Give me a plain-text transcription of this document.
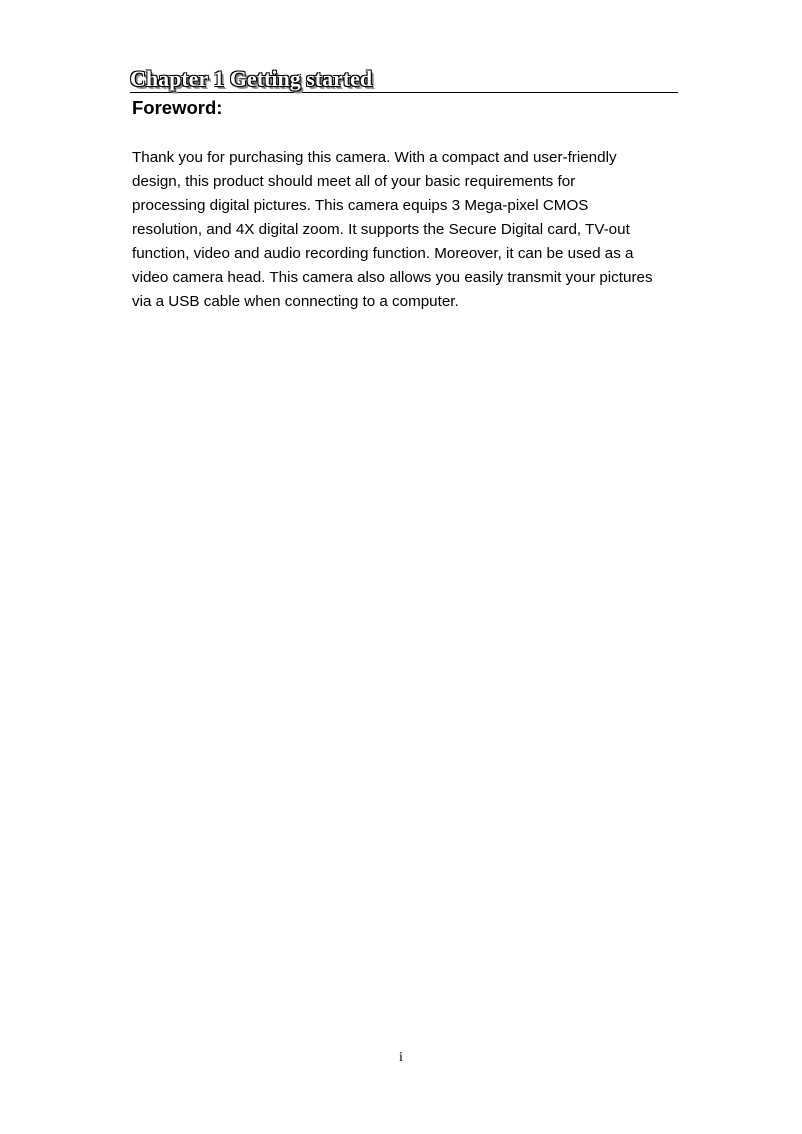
Chapter 1 Getting started
Foreword:

Thank you for purchasing this camera. With a compact and user-friendly
design, this product should meet all of your basic requirements for
processing digital pictures. This camera equips 3 Mega-pixel CMOS
resolution, and 4X digital zoom. It supports the Secure Digital card, TV-out
function, video and audio recording function. Moreover, it can be used as a
video camera head. This camera also allows you easily transmit your pictures
via a USB cable when connecting to a computer.

i
